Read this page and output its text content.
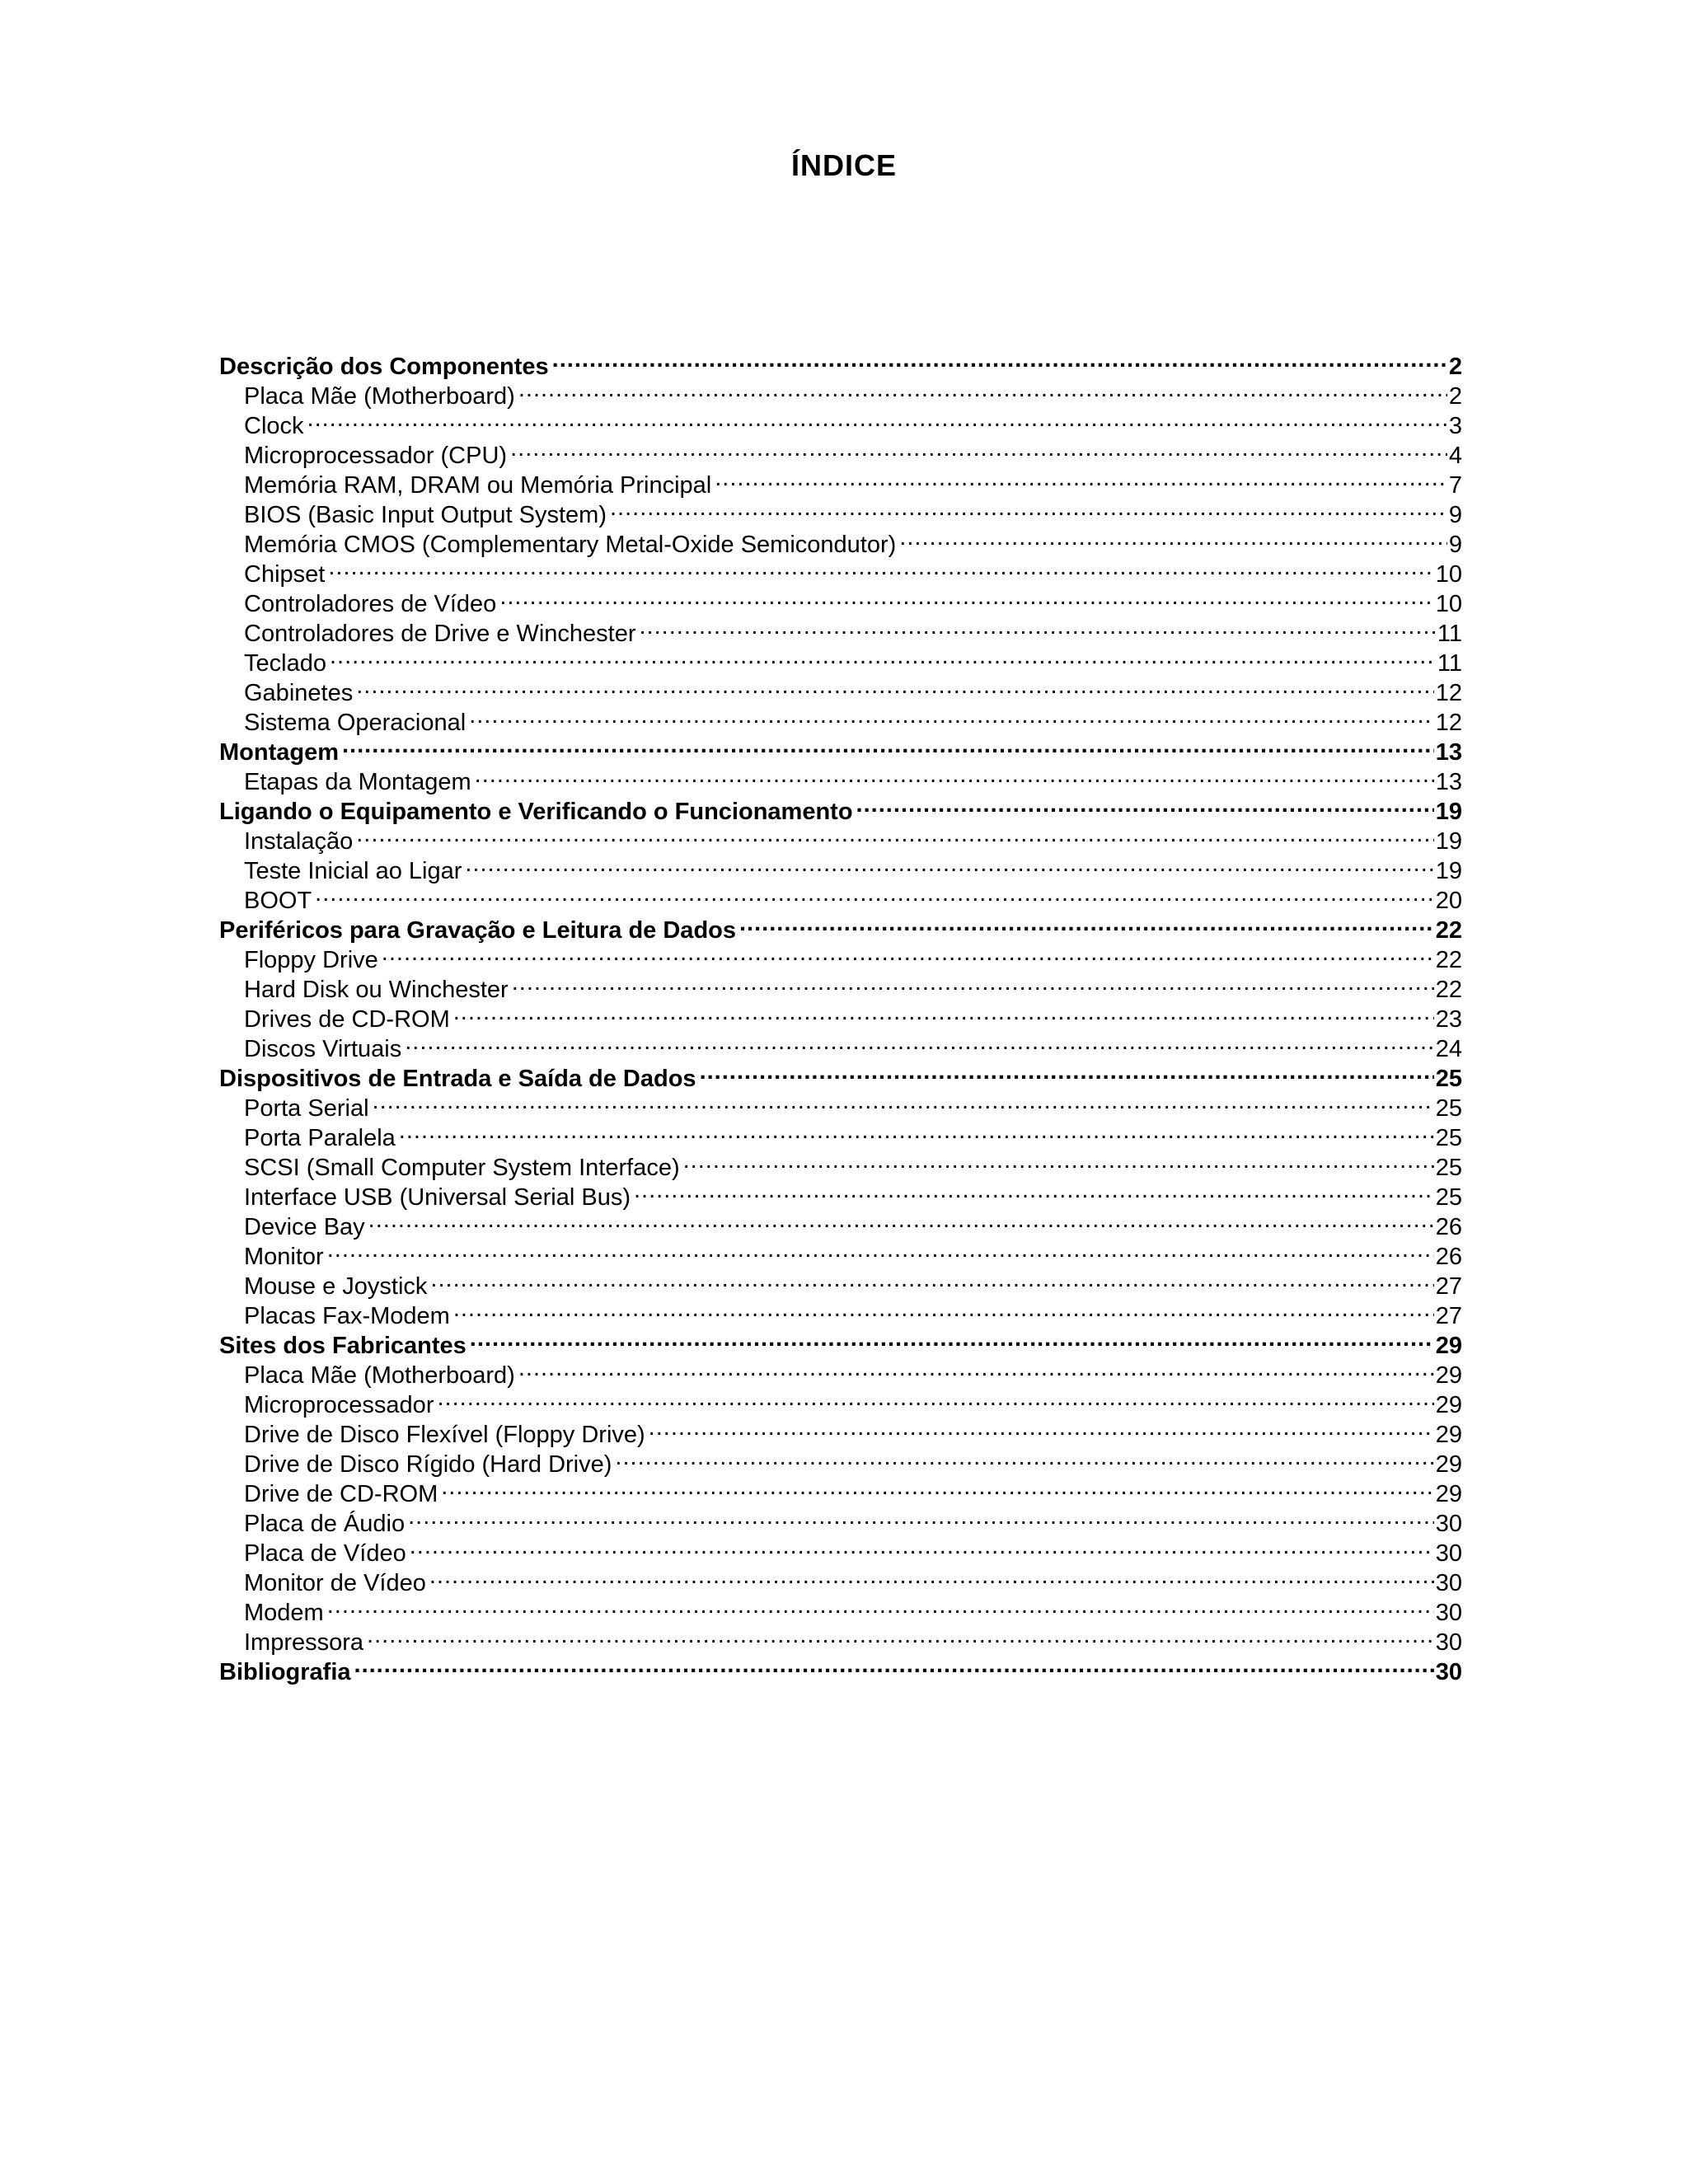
ÍNDICE
Descrição dos Componentes .....	2
Placa Mãe (Motherboard) .....	2
Clock .....	3
Microprocessador (CPU) .....	4
Memória RAM, DRAM ou Memória Principal .....	7
BIOS (Basic Input Output System) .....	9
Memória CMOS (Complementary Metal-Oxide Semicondutor) .....	9
Chipset .....	10
Controladores de Vídeo .....	10
Controladores de Drive e Winchester .....	11
Teclado .....	11
Gabinetes .....	12
Sistema Operacional .....	12
Montagem .....	13
Etapas da Montagem .....	13
Ligando o Equipamento e Verificando o Funcionamento .....	19
Instalação .....	19
Teste Inicial ao Ligar .....	19
BOOT .....	20
Periféricos para Gravação e Leitura de Dados .....	22
Floppy Drive .....	22
Hard Disk ou Winchester .....	22
Drives de CD-ROM .....	23
Discos Virtuais .....	24
Dispositivos de Entrada e Saída de Dados .....	25
Porta Serial .....	25
Porta Paralela .....	25
SCSI (Small Computer System Interface) .....	25
Interface USB (Universal Serial Bus) .....	25
Device Bay .....	26
Monitor .....	26
Mouse e Joystick .....	27
Placas Fax-Modem .....	27
Sites dos Fabricantes .....	29
Placa Mãe (Motherboard) .....	29
Microprocessador .....	29
Drive de Disco Flexível (Floppy Drive) .....	29
Drive de Disco Rígido (Hard Drive) .....	29
Drive de CD-ROM .....	29
Placa de Áudio .....	30
Placa de Vídeo .....	30
Monitor de Vídeo .....	30
Modem .....	30
Impressora .....	30
Bibliografia .....	30
